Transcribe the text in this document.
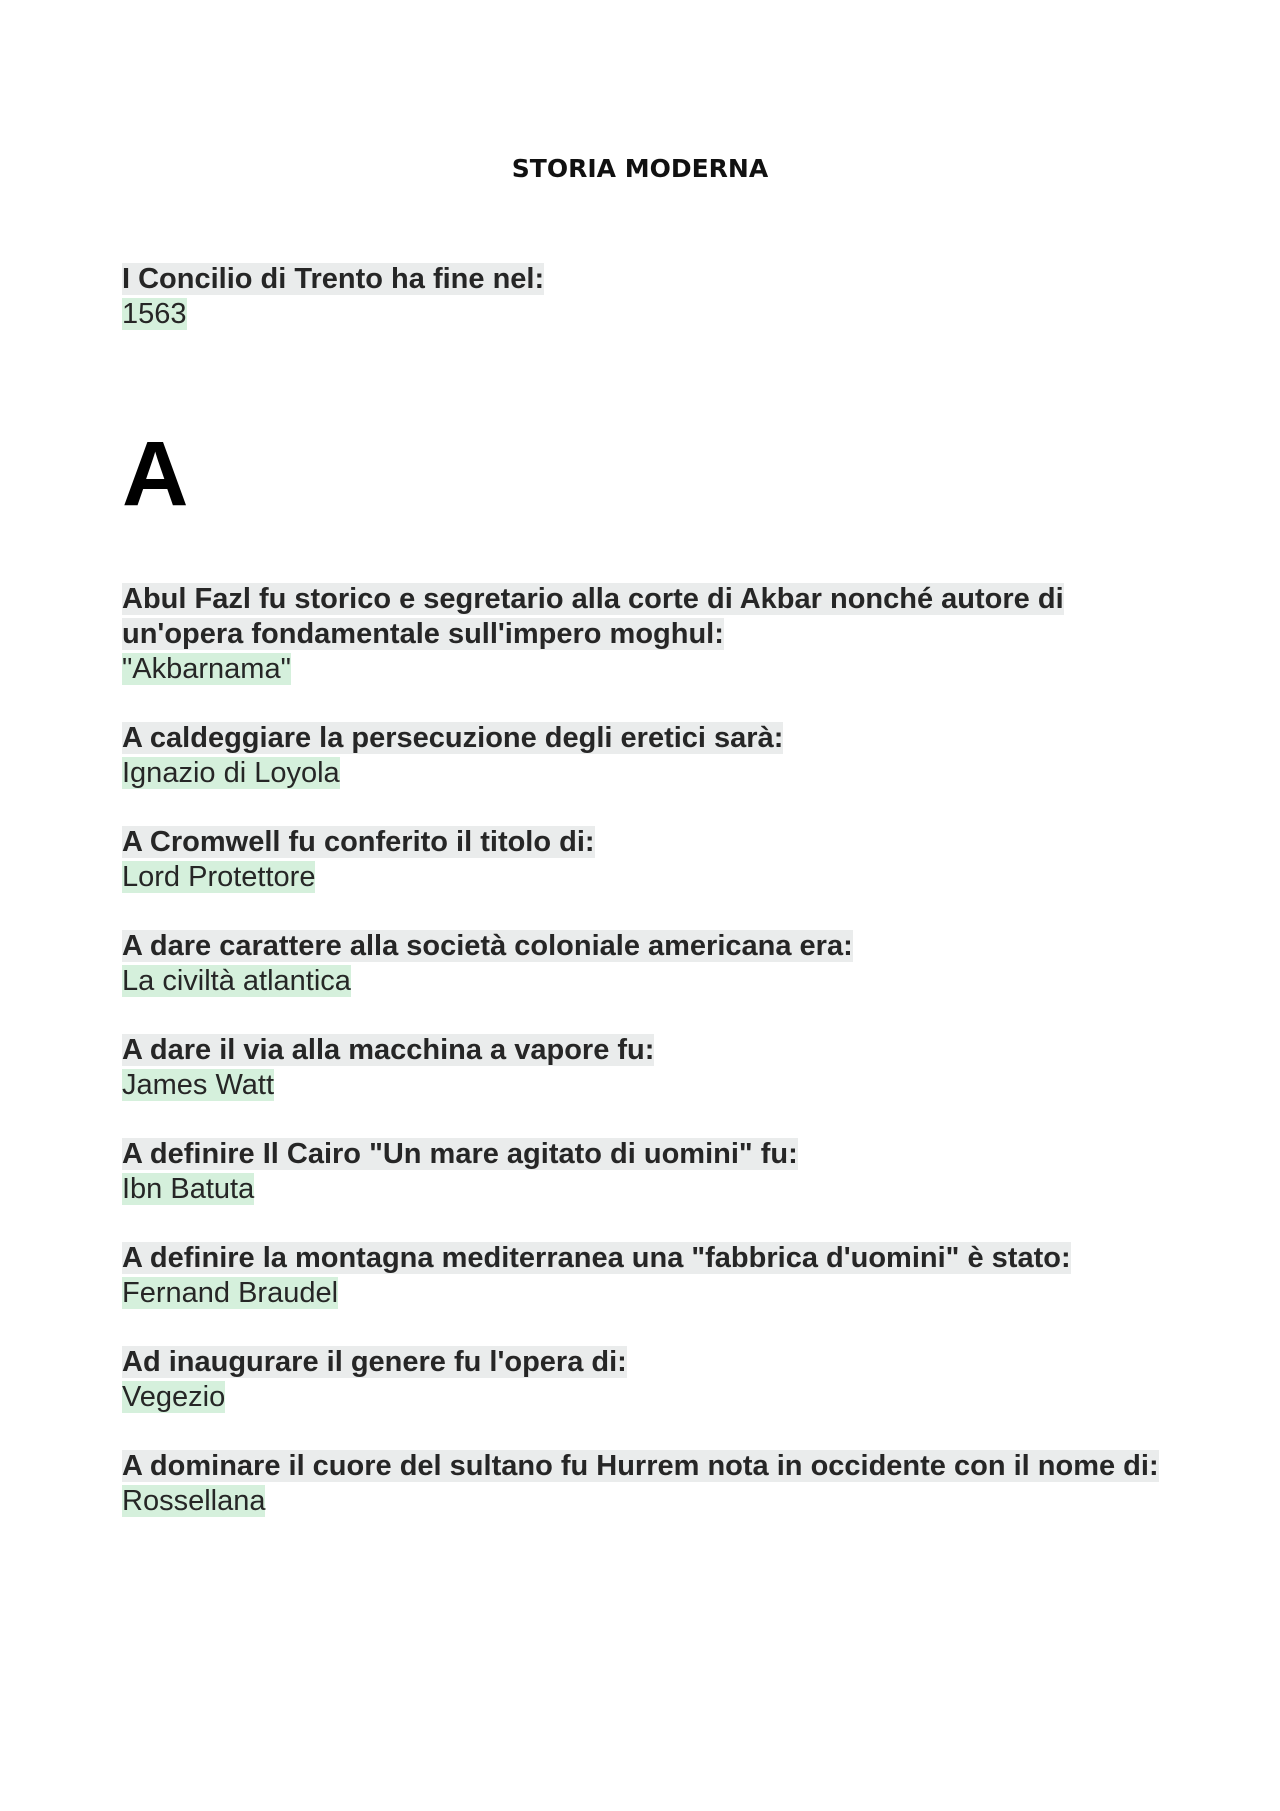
STORIA MODERNA
I Concilio di Trento ha fine nel:
1563
A
Abul Fazl fu storico e segretario alla corte di Akbar nonché autore di un'opera fondamentale sull'impero moghul:
"Akbarnama"
A caldeggiare la persecuzione degli eretici sarà:
Ignazio di Loyola
A Cromwell fu conferito il titolo di:
Lord Protettore
A dare carattere alla società coloniale americana era:
La civiltà atlantica
A dare il via alla macchina a vapore fu:
James Watt
A definire Il Cairo "Un mare agitato di uomini" fu:
Ibn Batuta
A definire la montagna mediterranea una "fabbrica d'uomini" è stato:
Fernand Braudel
Ad inaugurare il genere fu l'opera di:
Vegezio
A dominare il cuore del sultano fu Hurrem nota in occidente con il nome di:
Rossellana
